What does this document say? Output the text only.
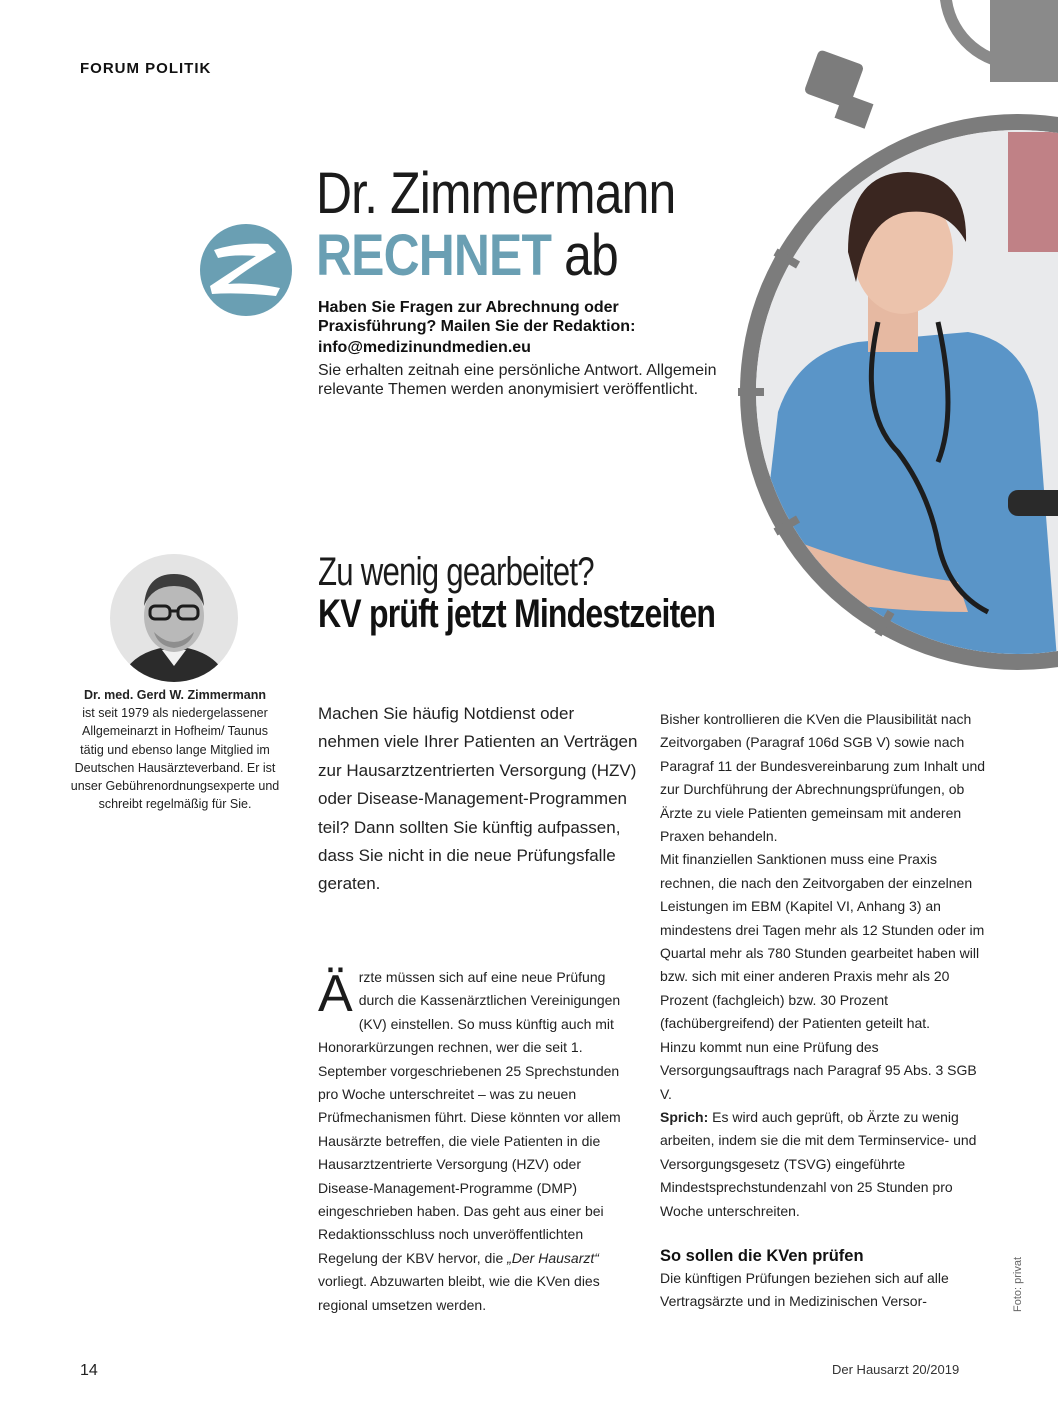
FORUM POLITIK
Dr. Zimmermann
RECHNET ab
Haben Sie Fragen zur Abrechnung oder Praxisführung? Mailen Sie der Redaktion:
info@medizinundmedien.eu
Sie erhalten zeitnah eine persönliche Antwort. Allgemein relevante Themen werden anonymisiert veröffentlicht.
Zu wenig gearbeitet?
KV prüft jetzt Mindestzeiten
Dr. med. Gerd W. Zimmermann
ist seit 1979 als niedergelassener Allgemeinarzt in Hofheim/ Taunus tätig und ebenso lange Mitglied im Deutschen Hausärzteverband. Er ist unser Gebührenordnungsexperte und schreibt regelmäßig für Sie.
Machen Sie häufig Notdienst oder nehmen viele Ihrer Patienten an Verträgen zur Hausarztzentrierten Versorgung (HZV) oder Disease-Management-Programmen teil? Dann sollten Sie künftig aufpassen, dass Sie nicht in die neue Prüfungsfalle geraten.
Ärzte müssen sich auf eine neue Prüfung durch die Kassenärztlichen Vereinigungen (KV) einstellen. So muss künftig auch mit Honorarkürzungen rechnen, wer die seit 1. September vorgeschriebenen 25 Sprechstunden pro Woche unterschreitet – was zu neuen Prüfmechanismen führt. Diese könnten vor allem Hausärzte betreffen, die viele Patienten in die Hausarztzentrierte Versorgung (HZV) oder Disease-Management-Programme (DMP) eingeschrieben haben. Das geht aus einer bei Redaktionsschluss noch unveröffentlichten Regelung der KBV hervor, die „Der Hausarzt“ vorliegt. Abzuwarten bleibt, wie die KVen dies regional umsetzen werden.

Bisher kontrollieren die KVen die Plausibilität nach Zeitvorgaben (Paragraf 106d SGB V) sowie nach Paragraf 11 der Bundesvereinbarung zum Inhalt und zur Durchführung der Abrechnungsprüfungen, ob Ärzte zu viele Patienten gemeinsam mit anderen Praxen behandeln.

Mit finanziellen Sanktionen muss eine Praxis rechnen, die nach den Zeitvorgaben der einzelnen Leistungen im EBM (Kapitel VI, Anhang 3) an mindestens drei Tagen mehr als 12 Stunden oder im Quartal mehr als 780 Stunden gearbeitet haben will bzw. sich mit einer anderen Praxis mehr als 20 Prozent (fachgleich) bzw. 30 Prozent (fachübergreifend) der Patienten geteilt hat.

Hinzu kommt nun eine Prüfung des Versorgungsauftrags nach Paragraf 95 Abs. 3 SGB V.

Sprich: Es wird auch geprüft, ob Ärzte zu wenig arbeiten, indem sie die mit dem Terminservice- und Versorgungsgesetz (TSVG) eingeführte Mindestsprechstundenzahl von 25 Stunden pro Woche unterschreiten.

So sollen die KVen prüfen

Die künftigen Prüfungen beziehen sich auf alle Vertragsärzte und in Medizinischen Versor-	Foto: privat
14	Der Hausarzt 20/2019
